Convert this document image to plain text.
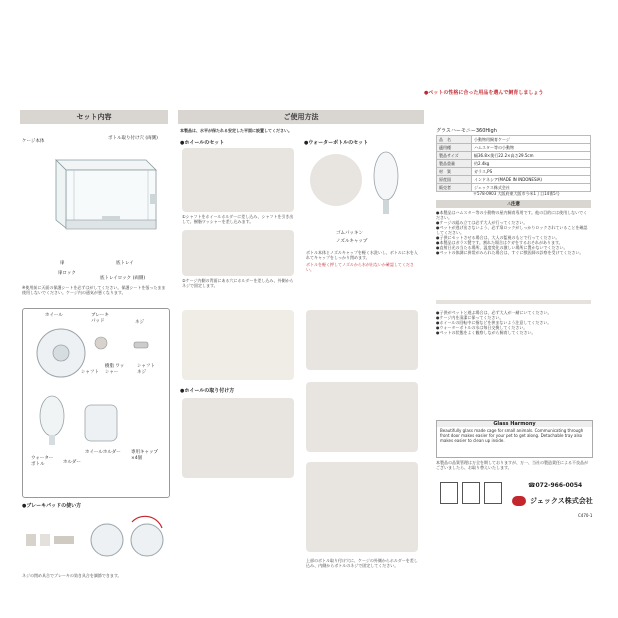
●ペットの性格に合った用品を選んで飼育しましょう
セット内容
ケージ本体
ボトル取り付け穴 (両側)
扉
扉ロック
底トレイ
底トレイロック (両側)
※使用前に天面の保護シートを必ずはがしてください。保護シートを張ったまま使用しないでください。ケージ内の通気が悪くなります。
ホイール	ブレーキ パッド	ネジ
シャフト
樹脂 ワッシャー
シャフト ネジ
ウォーター ボトル	ホルダー
ホイールホルダー 専用キャップ ×4個
●ブレーキパッドの使い方
ネジの閉め具合でブレーキの効き具合を調節できます。
ご使用方法
本製品は、水平が保たれる安定した平面に設置してください。
●ホイールのセット	●ウォーターボトルのセット
①シャフトをホイールホルダーに差し込み、シャフトを引き出して、樹脂ワッシャーを差し込みます。
②ケージ内側の背面にある穴にホルダーを差し込み、外側からネジで固定します。
ゴムパッキン
ノズルキャップ
ボトル本体とノズルキャップを軽く水洗いし、ボトルに水を入れてキャップをしっかり閉めます。
ボトルを軽く押してノズルから水が出ないか確認してください。
●ホイールの取り付け方
上部のボトル取り付け穴に、ケージの外側からホルダーを差し込み、内側からボトルのネジで固定してください。
グラスハーモニー360High
品　名	小動物用飼育ケージ
適用種	ハムスター等の小動物
製品サイズ	幅36.8×奥行22.2×高さ29.5cm
製品重量	約2.4kg
材　質	ガラス,PS
原産国	インドネシア(MADE IN INDONESIA)
販売者	ジェックス株式会社
〒578-0903 大阪府東大阪市今米1丁目14番5号
⚠注意
●本製品はハムスター等の小動物の屋内飼育専用です。他の目的には使用しないでください。
●ケージの組み立ては必ず大人が行ってください。
●ペットが逃げ出さないよう、必ず扉ロックがしっかりロックされていることを確認してください。
●子供にセットさせる場合は、大人の監視のもとで行ってください。
●本製品はガラス製です。割れた場合はケガをするおそれがあります。
●直射日光の当たる場所、温度変化の激しい場所に置かないでください。
●ペットの体調に異常がみられた場合は、すぐに獣医師の診察を受けてください。
●子供がペットと遊ぶ場合は、必ず大人が一緒にいてください。
●ケージ内を清潔に保ってください。
●ホイールの回転中に指などを挟まないよう注意してください。
●ウォーターボトルの水は毎日交換してください。
●ペットの状態をよく観察しながら飼育してください。
Glass Harmony
Beautifully glass made cage for small animals. Communicating through front door makes easier for your pet to get along. Detachable tray also makes easier to clean up inside.
本製品の品質管理は万全を期しておりますが、万一、当社の製造責任による不良品がございましたら、お取り替えいたします。
☎072-966-0054
ジェックス株式会社
C470-1
